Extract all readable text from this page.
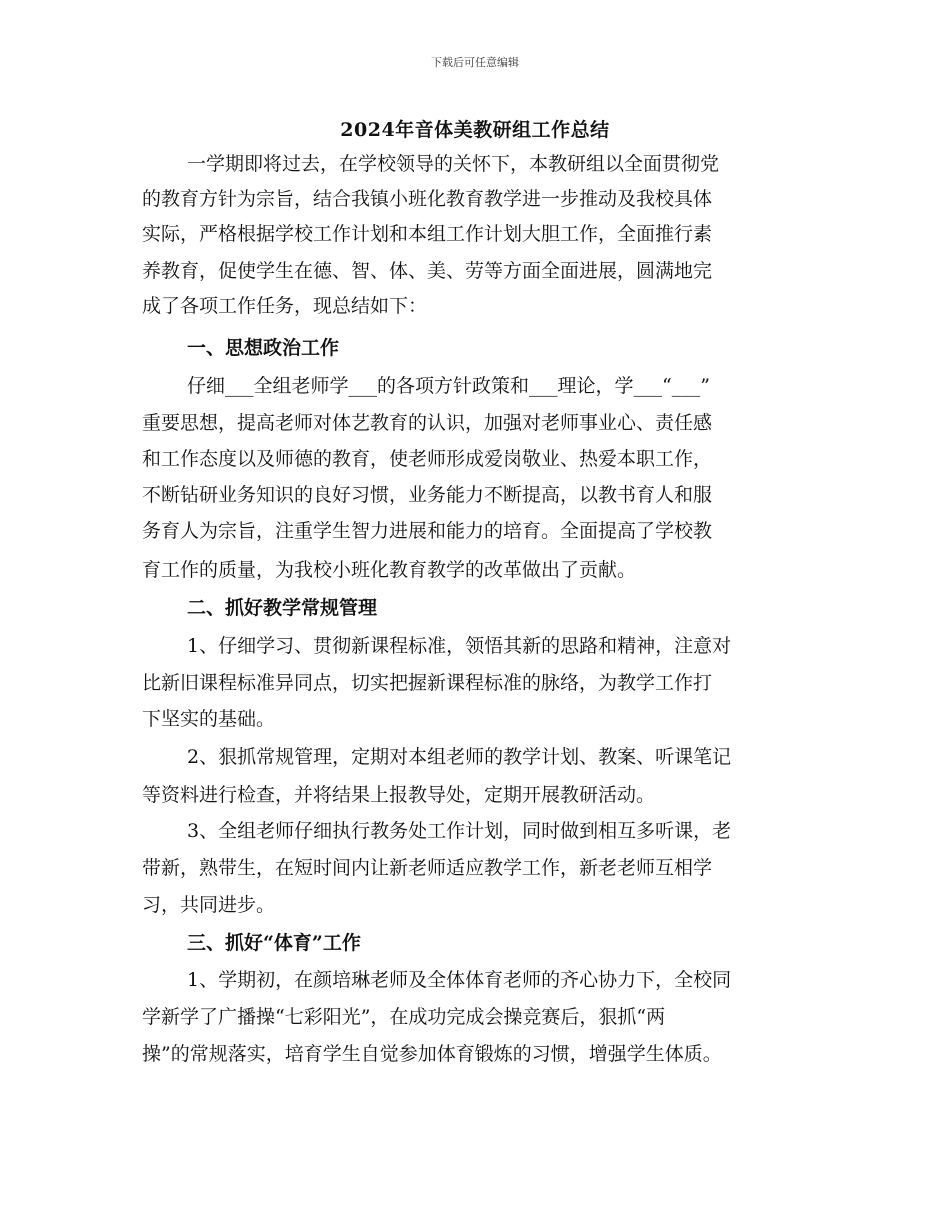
下载后可任意编辑
2024年音体美教研组工作总结
一学期即将过去，在学校领导的关怀下，本教研组以全面贯彻党
的教育方针为宗旨，结合我镇小班化教育教学进一步推动及我校具体
实际，严格根据学校工作计划和本组工作计划大胆工作，全面推行素
养教育，促使学生在德、智、体、美、劳等方面全面进展，圆满地完
成了各项工作任务，现总结如下：
一、思想政治工作
仔细___全组老师学___的各项方针政策和___理论，学___“___”
重要思想，提高老师对体艺教育的认识，加强对老师事业心、责任感
和工作态度以及师德的教育，使老师形成爱岗敬业、热爱本职工作，
不断钻研业务知识的良好习惯，业务能力不断提高，以教书育人和服
务育人为宗旨，注重学生智力进展和能力的培育。全面提高了学校教
育工作的质量，为我校小班化教育教学的改革做出了贡献。
二、抓好教学常规管理
1、仔细学习、贯彻新课程标准，领悟其新的思路和精神，注意对
比新旧课程标准异同点，切实把握新课程标准的脉络，为教学工作打
下坚实的基础。
2、狠抓常规管理，定期对本组老师的教学计划、教案、听课笔记
等资料进行检查，并将结果上报教导处，定期开展教研活动。
3、全组老师仔细执行教务处工作计划，同时做到相互多听课，老
带新，熟带生，在短时间内让新老师适应教学工作，新老老师互相学
习，共同进步。
三、抓好“体育”工作
1、学期初，在颜培琳老师及全体体育老师的齐心协力下，全校同
学新学了广播操“七彩阳光”，在成功完成会操竞赛后，狠抓“两
操”的常规落实，培育学生自觉参加体育锻炼的习惯，增强学生体质。
